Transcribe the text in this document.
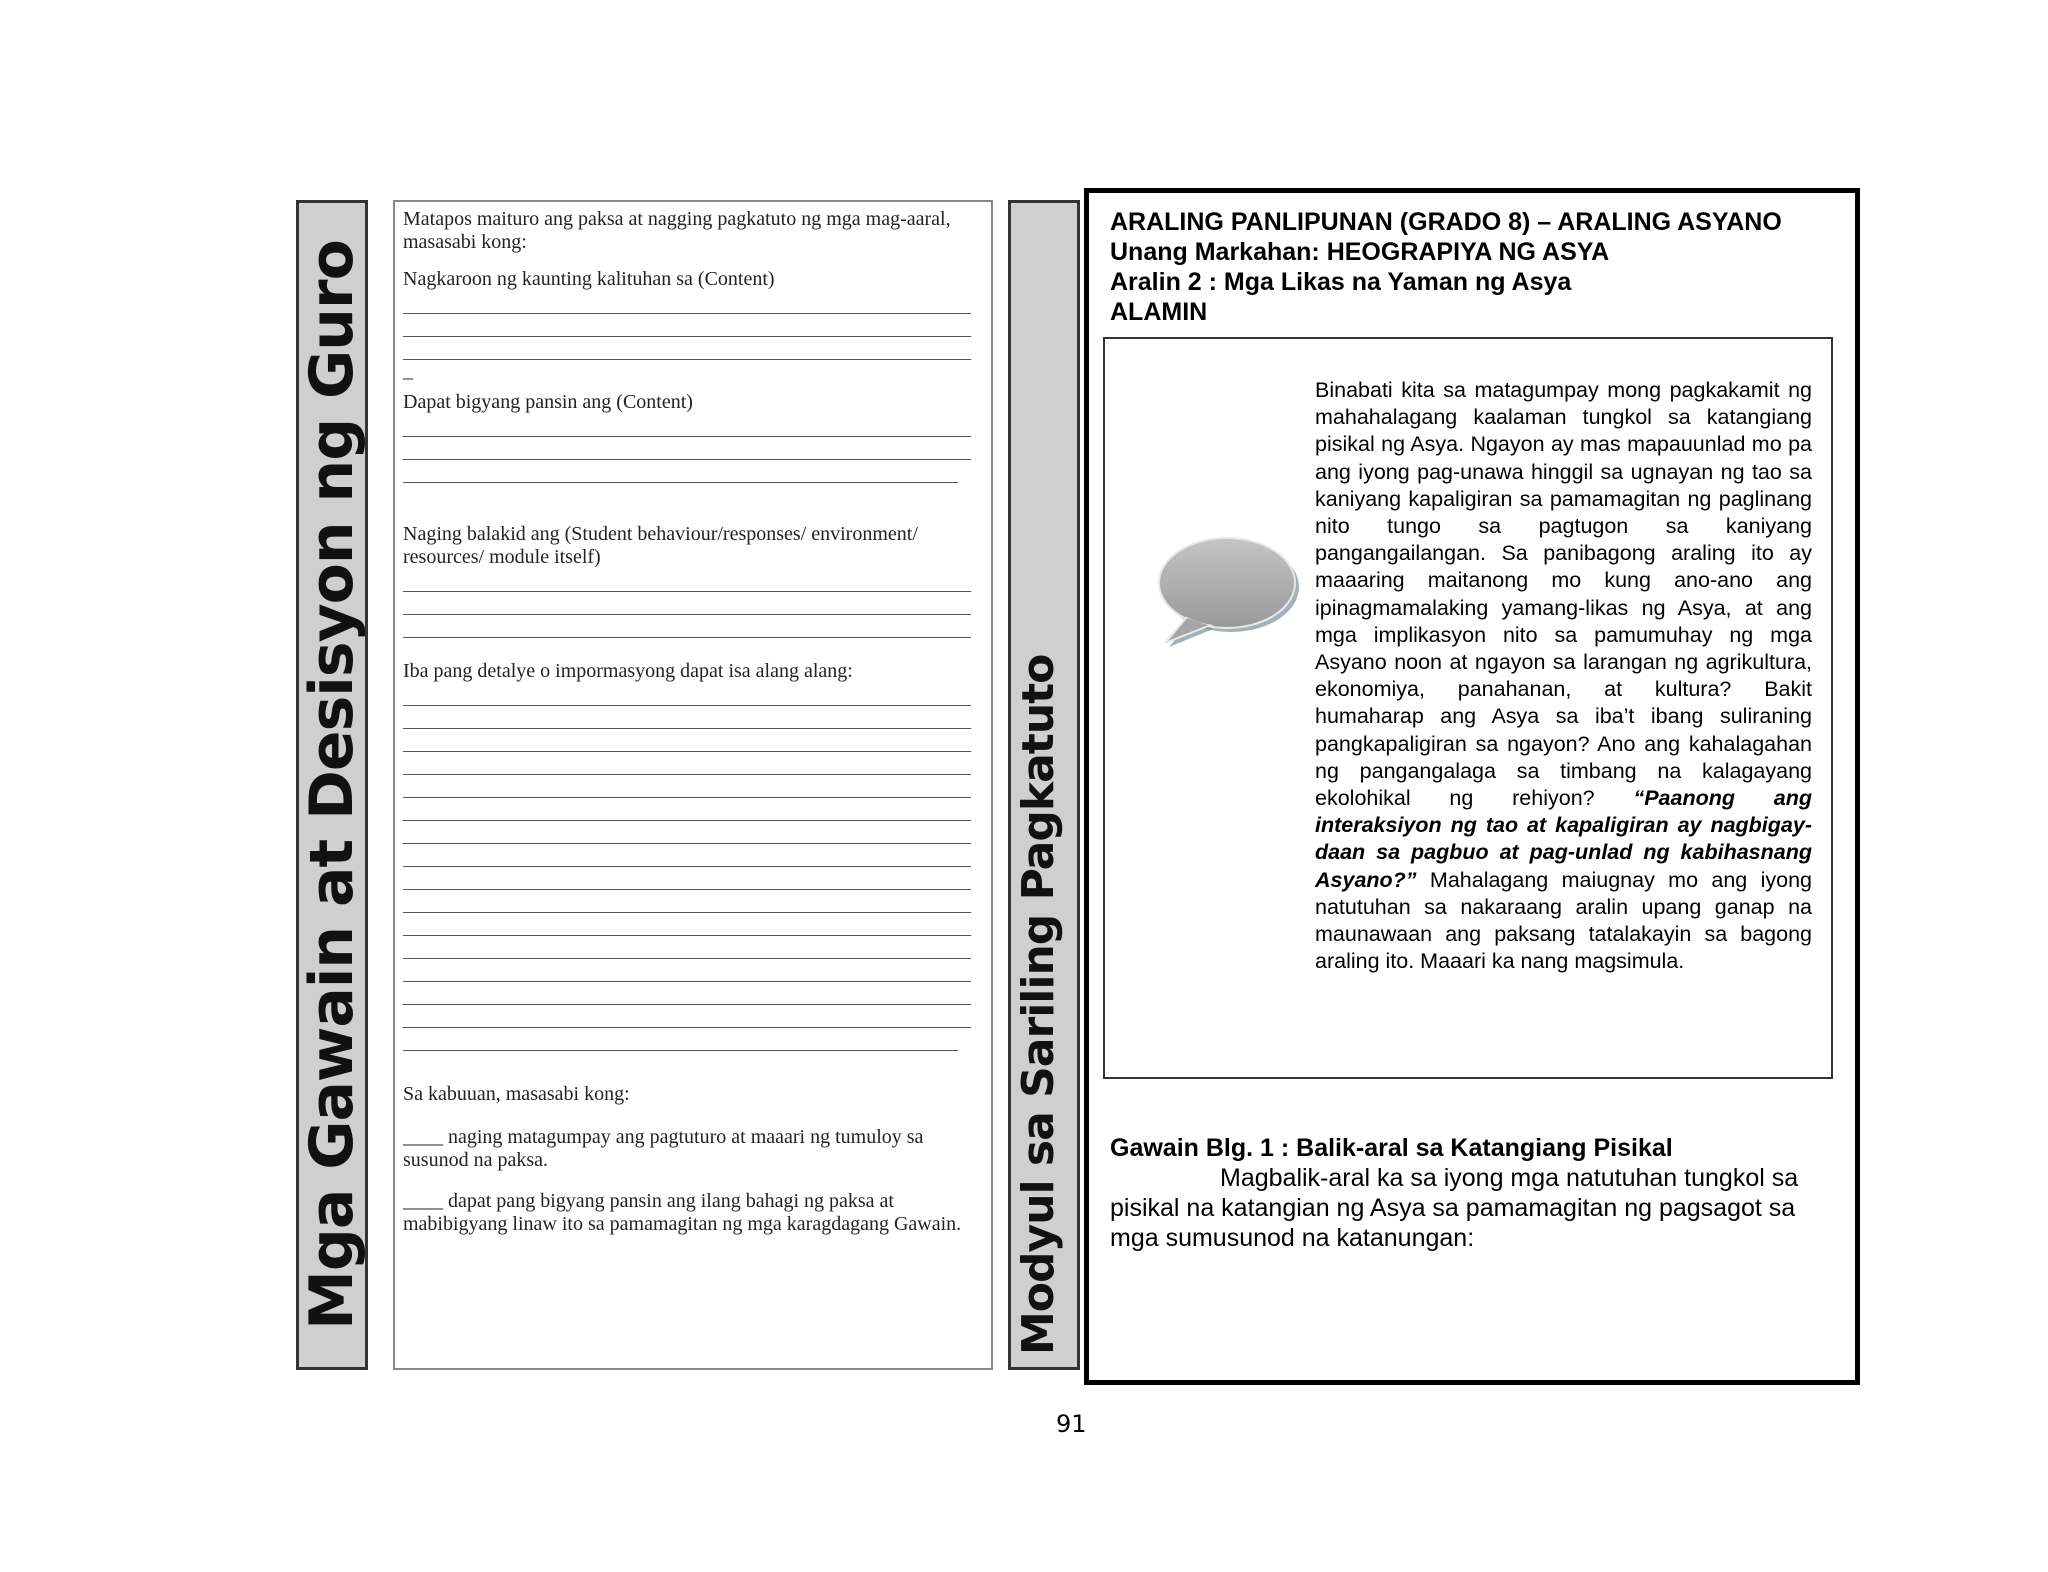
Mga Gawain at Desisyon ng Guro

Matapos maituro ang paksa at nagging pagkatuto ng mga mag-aaral, masasabi kong:

Nagkaroon ng kaunting kalituhan sa (Content)

_

Dapat bigyang pansin ang (Content)

Naging balakid ang (Student behaviour/responses/ environment/ resources/ module itself)

Iba pang detalye o impormasyong dapat isa alang alang:

Sa kabuuan, masasabi kong:

____ naging matagumpay ang pagtuturo at maaari ng tumuloy sa susunod na paksa.

____ dapat pang bigyang pansin ang ilang bahagi ng paksa at mabibigyang linaw ito sa pamamagitan ng mga karagdagang Gawain.	Modyul sa Sariling Pagkatuto
ARALING PANLIPUNAN (GRADO 8) – ARALING ASYANO
Unang Markahan: HEOGRAPIYA NG ASYA
Aralin 2 : Mga Likas na Yaman ng Asya
ALAMIN
Binabati kita sa matagumpay mong pagkakamit ng mahahalagang kaalaman tungkol sa katangiang pisikal ng Asya. Ngayon ay mas mapauunlad mo pa ang iyong pag-unawa hinggil sa ugnayan ng tao sa kaniyang kapaligiran sa pamamagitan ng paglinang nito tungo sa pagtugon sa kaniyang pangangailangan. Sa panibagong araling ito ay maaaring maitanong mo kung ano-ano ang ipinagmamalaking yamang-likas ng Asya, at ang mga implikasyon nito sa pamumuhay ng mga Asyano noon at ngayon sa larangan ng agrikultura, ekonomiya, panahanan, at kultura? Bakit humaharap ang Asya sa iba’t ibang suliraning pangkapaligiran sa ngayon? Ano ang kahalagahan ng pangangalaga sa timbang na kalagayang ekolohikal ng rehiyon? “Paanong ang interaksiyon ng tao at kapaligiran ay nagbigay-daan sa pagbuo at pag-unlad ng kabihasnang Asyano?” Mahalagang maiugnay mo ang iyong natutuhan sa nakaraang aralin upang ganap na maunawaan ang paksang tatalakayin sa bagong araling ito. Maaari ka nang magsimula.
Gawain Blg. 1 : Balik-aral sa Katangiang Pisikal
Magbalik-aral ka sa iyong mga natutuhan tungkol sa pisikal na katangian ng Asya sa pamamagitan ng pagsagot sa mga sumusunod na katanungan:
91
